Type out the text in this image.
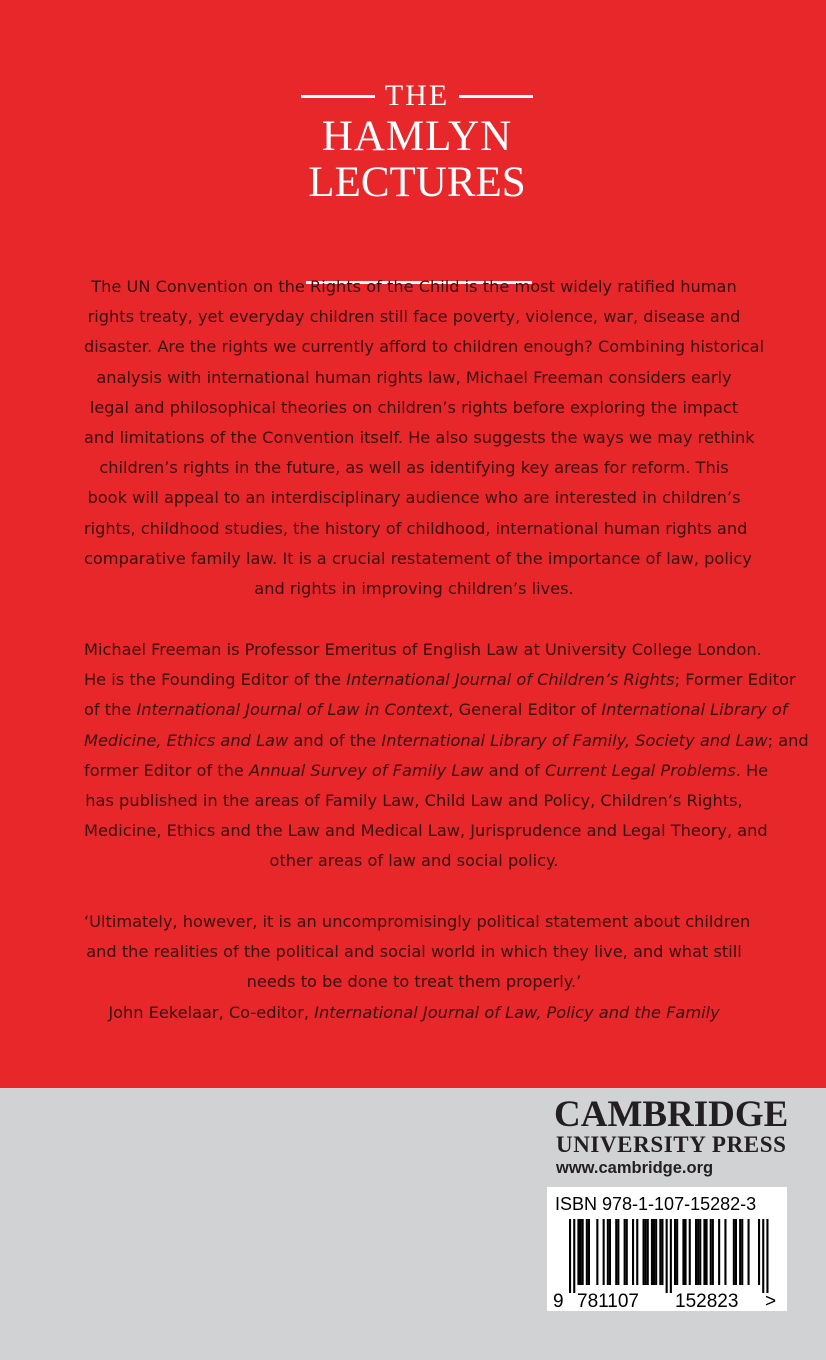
THE
HAMLYN
LECTURES
The UN Convention on the Rights of the Child is the most widely ratified human
rights treaty, yet everyday children still face poverty, violence, war, disease and
disaster. Are the rights we currently afford to children enough? Combining historical
analysis with international human rights law, Michael Freeman considers early
legal and philosophical theories on children’s rights before exploring the impact
and limitations of the Convention itself. He also suggests the ways we may rethink
children’s rights in the future, as well as identifying key areas for reform. This
book will appeal to an interdisciplinary audience who are interested in children’s
rights, childhood studies, the history of childhood, international human rights and
comparative family law. It is a crucial restatement of the importance of law, policy
and rights in improving children’s lives.
Michael Freeman is Professor Emeritus of English Law at University College London.
He is the Founding Editor of the International Journal of Children’s Rights; Former Editor
of the International Journal of Law in Context, General Editor of International Library of
Medicine, Ethics and Law and of the International Library of Family, Society and Law; and
former Editor of the Annual Survey of Family Law and of Current Legal Problems. He
has published in the areas of Family Law, Child Law and Policy, Children’s Rights,
Medicine, Ethics and the Law and Medical Law, Jurisprudence and Legal Theory, and
other areas of law and social policy.
‘Ultimately, however, it is an uncompromisingly political statement about children
and the realities of the political and social world in which they live, and what still
needs to be done to treat them properly.’
John Eekelaar, Co-editor, International Journal of Law, Policy and the Family
CAMBRIDGE
UNIVERSITY PRESS
www.cambridge.org
ISBN 978-1-107-15282-3
9 781107 152823 >
